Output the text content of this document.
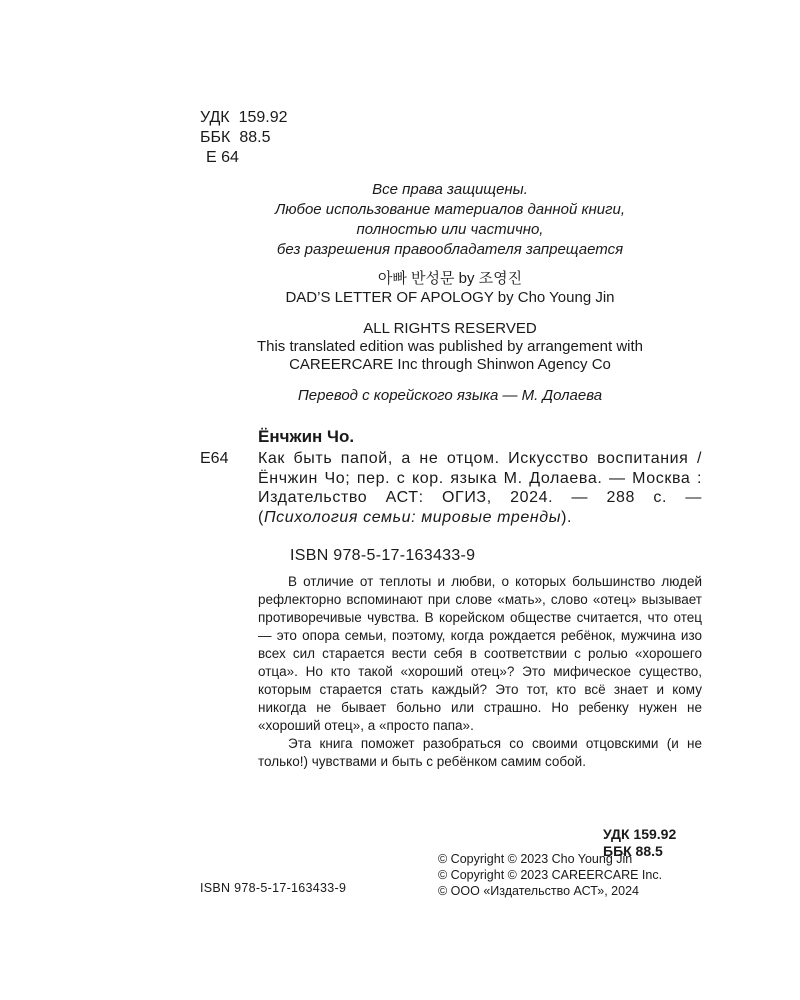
УДК 159.92
ББК 88.5
Е 64
Все права защищены.
Любое использование материалов данной книги,
полностью или частично,
без разрешения правообладателя запрещается
아빠 반성문 by 조영진
DAD’S LETTER OF APOLOGY by Cho Young Jin
ALL RIGHTS RESERVED
This translated edition was published by arrangement with
CAREERCARE Inc through Shinwon Agency Co
Перевод с корейского языка — М. Долаева
Ёнчжин Чо.
Е64 Как быть папой, а не отцом. Искусство воспитания / Ёнчжин Чо; пер. с кор. языка М. Долаева. — Москва : Издательство АСТ: ОГИЗ, 2024. — 288 с. — (Психология семьи: мировые тренды).
ISBN 978-5-17-163433-9

В отличие от теплоты и любви, о которых большинство людей рефлекторно вспоминают при слове «мать», слово «отец» вызывает противоречивые чувства. В корейском обществе считается, что отец — это опора семьи, поэтому, когда рождается ребёнок, мужчина изо всех сил старается вести себя в соответствии с ролью «хорошего отца». Но кто такой «хороший отец»? Это мифическое существо, которым старается стать каждый? Это тот, кто всё знает и кому никогда не бывает больно или страшно. Но ребенку нужен не «хороший отец», а «просто папа».

Эта книга поможет разобраться со своими отцовскими (и не только!) чувствами и быть с ребёнком самим собой.

УДК 159.92
ББК 88.5
© Copyright © 2023 Cho Young Jin
© Copyright © 2023 CAREERCARE Inc.
© ООО «Издательство АСТ», 2024
ISBN 978-5-17-163433-9
